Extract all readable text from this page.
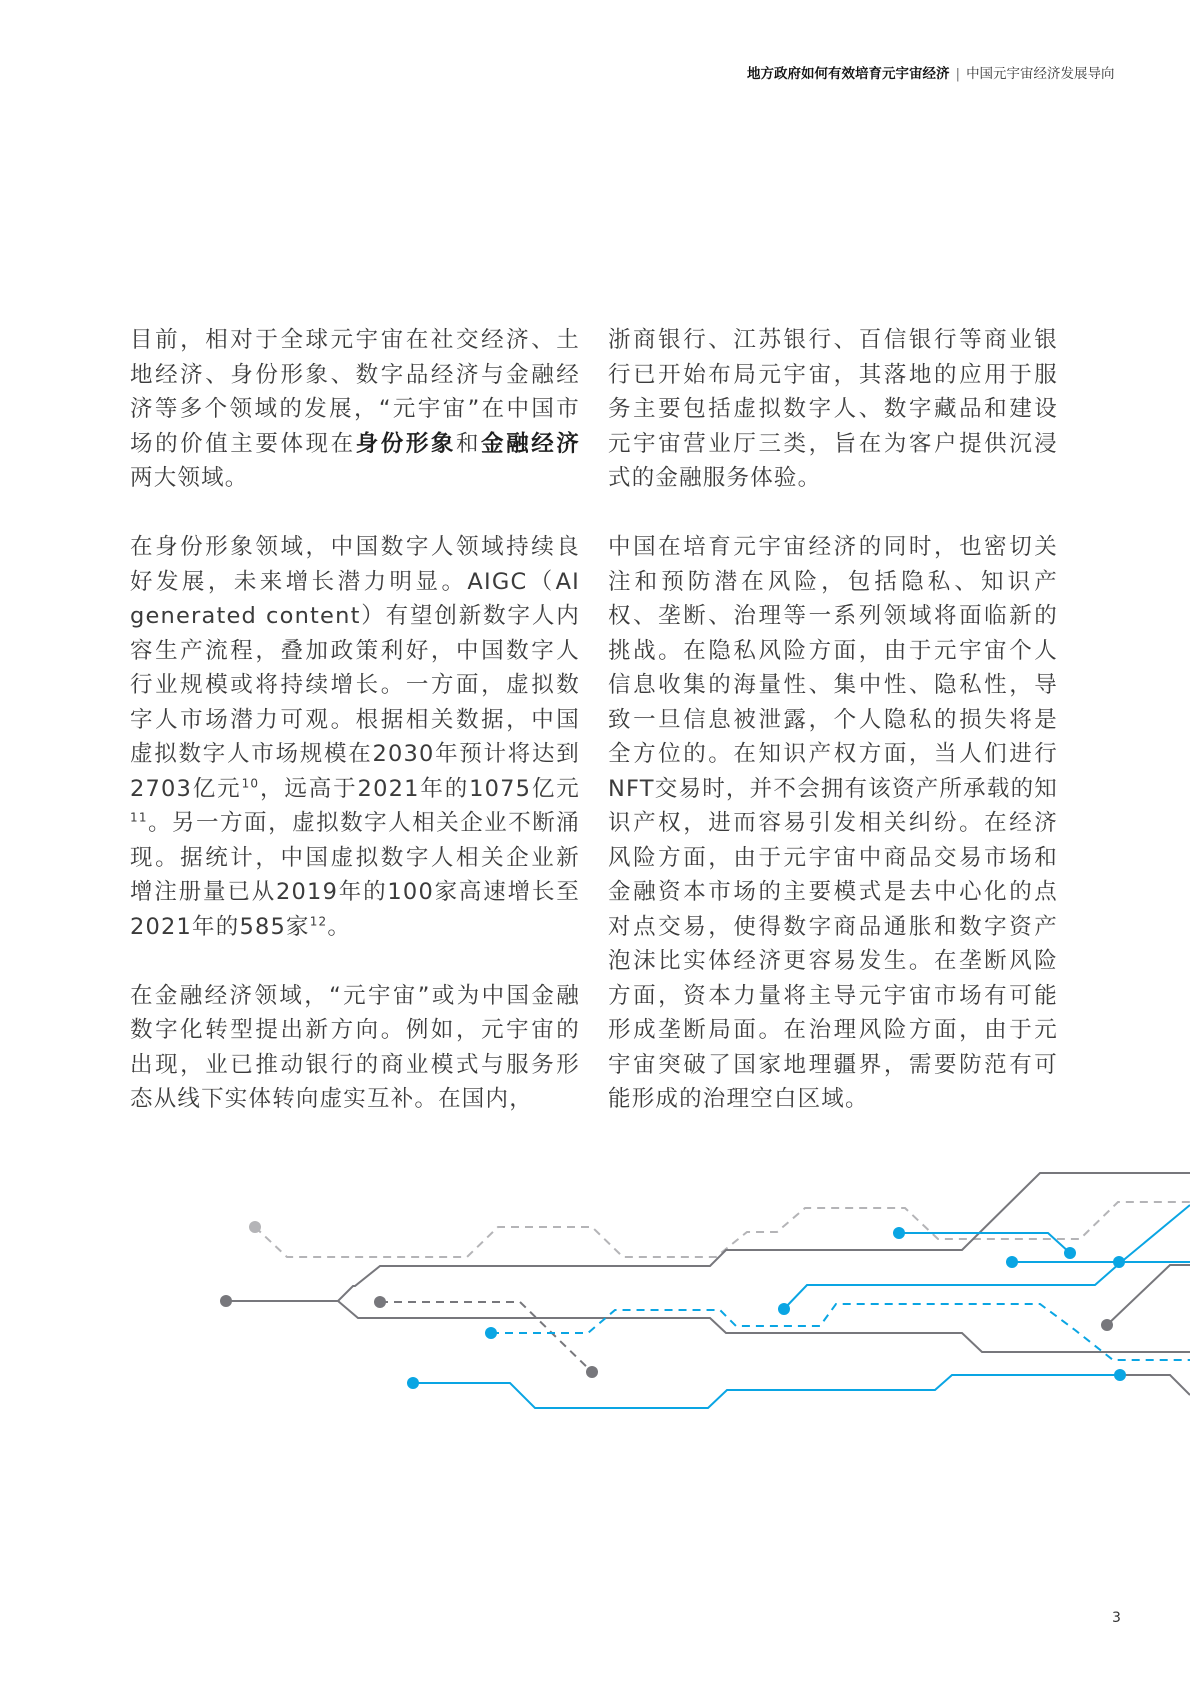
地方政府如何有效培育元宇宙经济 | 中国元宇宙经济发展导向

目前，相对于全球元宇宙在社交经济、土地经济、身份形象、数字品经济与金融经济等多个领域的发展，“元宇宙”在中国市场的价值主要体现在身份形象和金融经济两大领域。

在身份形象领域，中国数字人领域持续良好发展，未来增长潜力明显。AIGC（AI generated content）有望创新数字人内容生产流程，叠加政策利好，中国数字人行业规模或将持续增长。一方面，虚拟数字人市场潜力可观。根据相关数据，中国虚拟数字人市场规模在2030年预计将达到2703亿元$^{10}$，远高于2021年的1075亿元$^{11}$。另一方面，虚拟数字人相关企业不断涌现。据统计，中国虚拟数字人相关企业新增注册量已从2019年的100家高速增长至2021年的585家$^{12}$。

在金融经济领域，“元宇宙”或为中国金融数字化转型提出新方向。例如，元宇宙的出现，业已推动银行的商业模式与服务形态从线下实体转向虚实互补。在国内，

浙商银行、江苏银行、百信银行等商业银行已开始布局元宇宙，其落地的应用于服务主要包括虚拟数字人、数字藏品和建设元宇宙营业厅三类，旨在为客户提供沉浸式的金融服务体验。

中国在培育元宇宙经济的同时，也密切关注和预防潜在风险，包括隐私、知识产权、垄断、治理等一系列领域将面临新的挑战。在隐私风险方面，由于元宇宙个人信息收集的海量性、集中性、隐私性，导致一旦信息被泄露，个人隐私的损失将是全方位的。在知识产权方面，当人们进行NFT交易时，并不会拥有该资产所承载的知识产权，进而容易引发相关纠纷。在经济风险方面，由于元宇宙中商品交易市场和金融资本市场的主要模式是去中心化的点对点交易，使得数字商品通胀和数字资产泡沫比实体经济更容易发生。在垄断风险方面，资本力量将主导元宇宙市场有可能形成垄断局面。在治理风险方面，由于元宇宙突破了国家地理疆界，需要防范有可能形成的治理空白区域。

3
